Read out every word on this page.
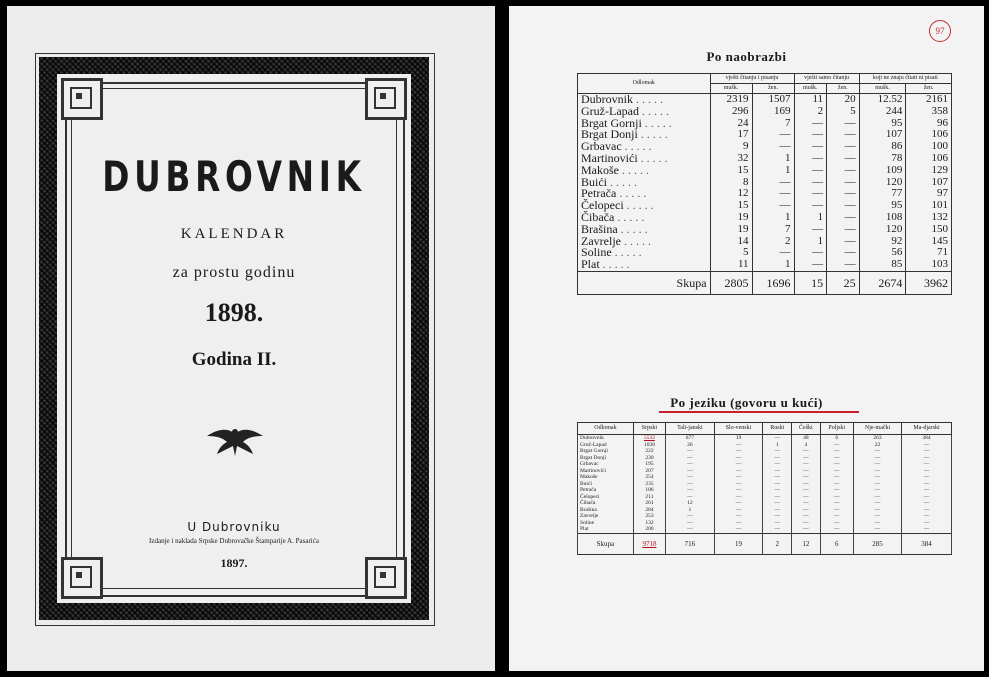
DUBROVNIK
KALENDAR
za prostu godinu
1898.
Godina II.
U Dubrovniku
Izdanje i naklada Srpske Dubrovačke Štamparije A. Pasarića
1897.
97
Po naobrazbi
Odlomak	vješti čitanju i pisanju		vješti samo čitanju		koji ne znaju čitati ni pisati	
	mušk.	žen.	mušk.	žen.	mušk.	žen.
Dubrovnik . . .	2319	1507	11	20	12.52	2161
Gruž-Lapad . . .	296	169	2	5	244	358
Brgat Gornji . . .	24	7	—	—	95	96
Brgat Donji . . .	17	—	—	—	107	106
Grbavac . . .	9	—	—	—	86	100
Martinovići . . .	32	1	—	—	78	106
Makoše . . .	15	1	—	—	109	129
Buići . . .	8	—	—	—	120	107
Petrača . . .	12	—	—	—	77	97
Čelopeci . . .	15	—	—	—	95	101
Čibača . . .	19	1	1	—	108	132
Brašina . . .	19	7	—	—	120	150
Zavrelje . . .	14	2	1	—	92	145
Soline . . .	5	—	—	—	56	71
Plat . . .	11	1	—	—	85	103
Skupa	2805	1696	15	25	2674	3962
Po jeziku (govoru u kući)
Odlomak	Srpski	Tali-janski	Slo-venski	Ruski	Češki	Poljski	Nje-mački	Ma-djarski
Dubrovnik	5532	677	19	—	48	6	263	384
Gruž-Lapad	1038	26	—	1	4	—	22	—
Brgat Gornji	222	—	—	—	—	—	—	—
Brgat Donji	230	—	—	—	—	—	—	—
Grbavac	195	—	—	—	—	—	—	—
Martinovići	207	—	—	—	—	—	—	—
Makoše	254	—	—	—	—	—	—	—
Buići	235	—	—	—	—	—	—	—
Petrača	186	—	—	—	—	—	—	—
Čelopeci	211	—	—	—	—	—	—	—
Čibača	261	12	—	—	—	—	—	—
Brašina	284	1	—	—	—	—	—	—
Zavrelje	253	—	—	—	—	—	—	—
Soline	132	—	—	—	—	—	—	—
Plat	200	—	—	—	—	—	—	—
Skupa	9718	716	19	2	12	6	285	384
